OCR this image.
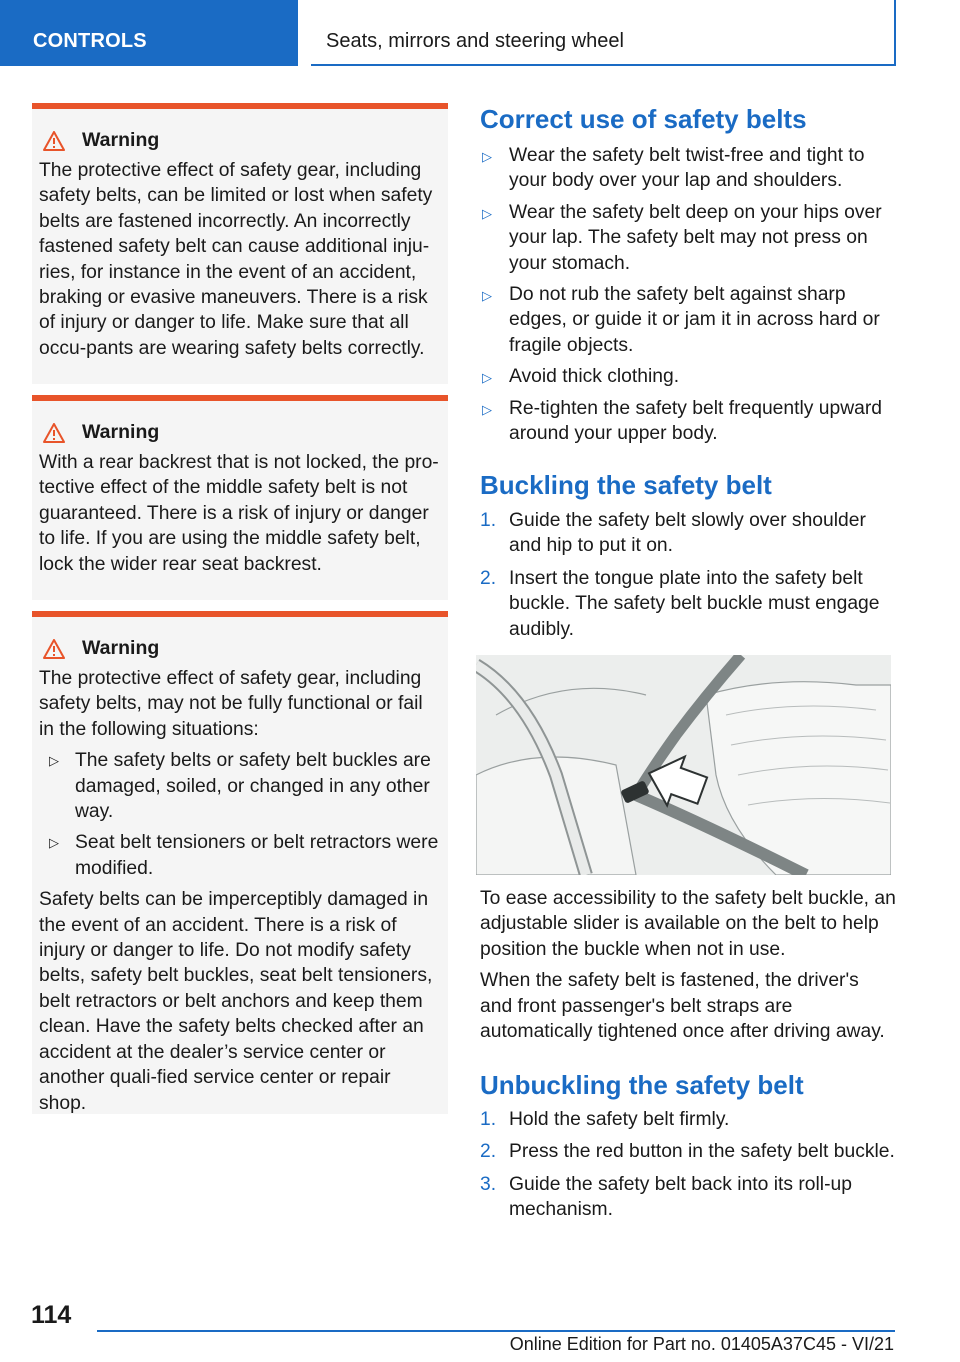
CONTROLS	Seats, mirrors and steering wheel
Warning

The protective effect of safety gear, including safety belts, can be limited or lost when safety belts are fastened incorrectly. An incorrectly fastened safety belt can cause additional inju-ries, for instance in the event of an accident, braking or evasive maneuvers. There is a risk of injury or danger to life. Make sure that all occu-pants are wearing safety belts correctly.

Warning

With a rear backrest that is not locked, the pro-tective effect of the middle safety belt is not guaranteed. There is a risk of injury or danger to life. If you are using the middle safety belt, lock the wider rear seat backrest.

Warning

The protective effect of safety gear, including safety belts, may not be fully functional or fail in the following situations:

▷ The safety belts or safety belt buckles are damaged, soiled, or changed in any other way.
▷ Seat belt tensioners or belt retractors were modified.

Safety belts can be imperceptibly damaged in the event of an accident. There is a risk of injury or danger to life. Do not modify safety belts, safety belt buckles, seat belt tensioners, belt retractors or belt anchors and keep them clean. Have the safety belts checked after an accident at the dealer’s service center or another quali-fied service center or repair shop.

Correct use of safety belts
▷ Wear the safety belt twist-free and tight to your body over your lap and shoulders.
▷ Wear the safety belt deep on your hips over your lap. The safety belt may not press on your stomach.
▷ Do not rub the safety belt against sharp edges, or guide it or jam it in across hard or fragile objects.
▷ Avoid thick clothing.
▷ Re-tighten the safety belt frequently upward around your upper body.
Buckling the safety belt
1. Guide the safety belt slowly over shoulder and hip to put it on.
2. Insert the tongue plate into the safety belt buckle. The safety belt buckle must engage audibly.

To ease accessibility to the safety belt buckle, an adjustable slider is available on the belt to help position the buckle when not in use.

When the safety belt is fastened, the driver's and front passenger's belt straps are automatically tightened once after driving away.

Unbuckling the safety belt
1. Hold the safety belt firmly.
2. Press the red button in the safety belt buckle.
3. Guide the safety belt back into its roll-up mechanism.
114
Online Edition for Part no. 01405A37C45 - VI/21
